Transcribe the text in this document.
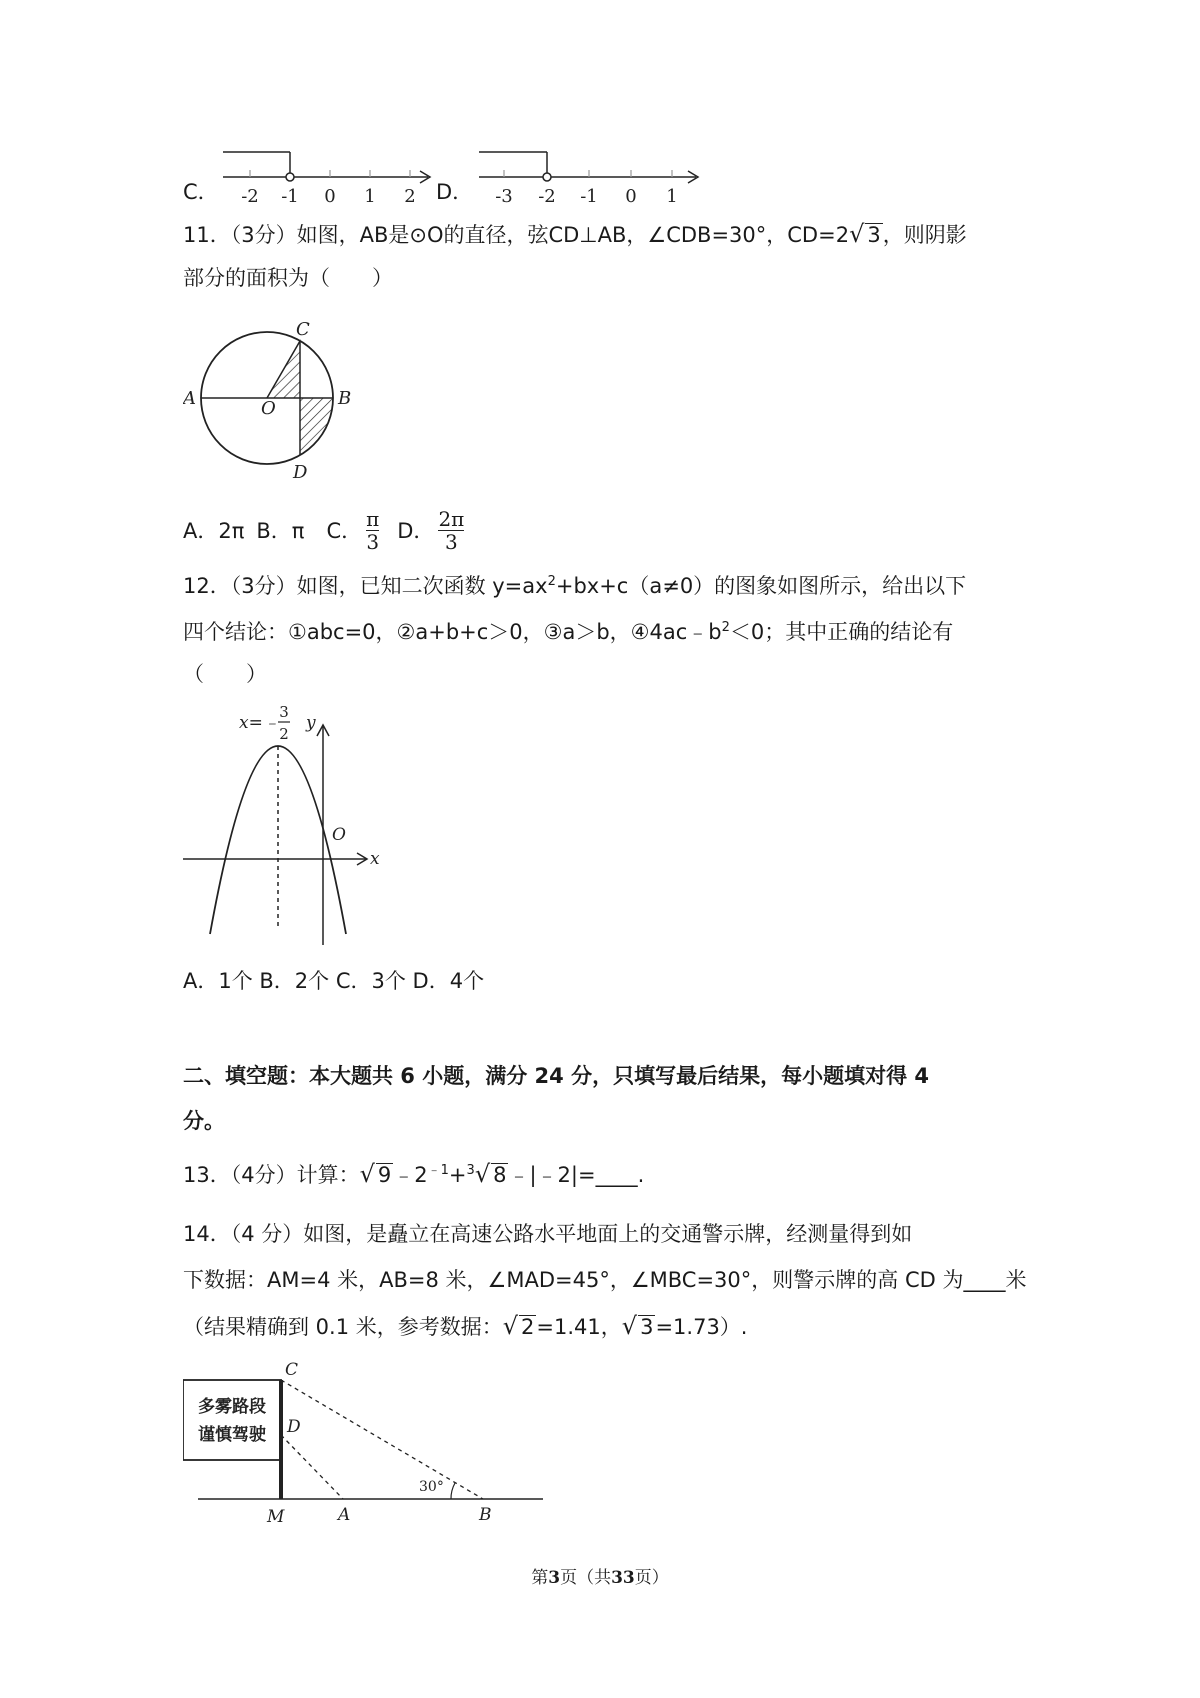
C． -2 -1 0 1 2 D． -3 -2 -1 0 1
11．（3分）如图，AB是⊙O的直径，弦CD⊥AB，∠CDB=30°，CD=2√ 3，则阴影
部分的面积为（　　）
A	B
C
D
O
A．2π B．π C． $\frac{\pi}{3}$ D． $\frac{2\pi}{3}$
12．（3分）如图，已知二次函数 $y=ax^2+bx+c(a\ne 0)$的图象如图所示，给出以下
四个结论：①abc=0，②a+b+c＞0，③a＞b，$④4ac﹣b^2<0$；其中正确的结论有
（　　）
x=﹣
3
2
y
x
O
A．1个 B．2个 C．3个 D．4个
二、填空题：本大题共 6 小题，满分 24 分，只填写最后结果，每小题填对得 4
分。
13．（4分）计算：√ $9﹣2^{﹣1}+^3√$ 8﹣|﹣2|=____.
14．（4 分）如图，是矗立在高速公路水平地面上的交通警示牌，经测量得到如
下数据：AM=4 米，AB=8 米，∠MAD=45°，∠MBC=30°，则警示牌的高 CD 为____米
（结果精确到 0.1 米，参考数据：√ 2=1.41，√ 3=1.73）.
多雾路段
谨慎驾驶
C
D
M	A	B
30°
第3页（共33页）
